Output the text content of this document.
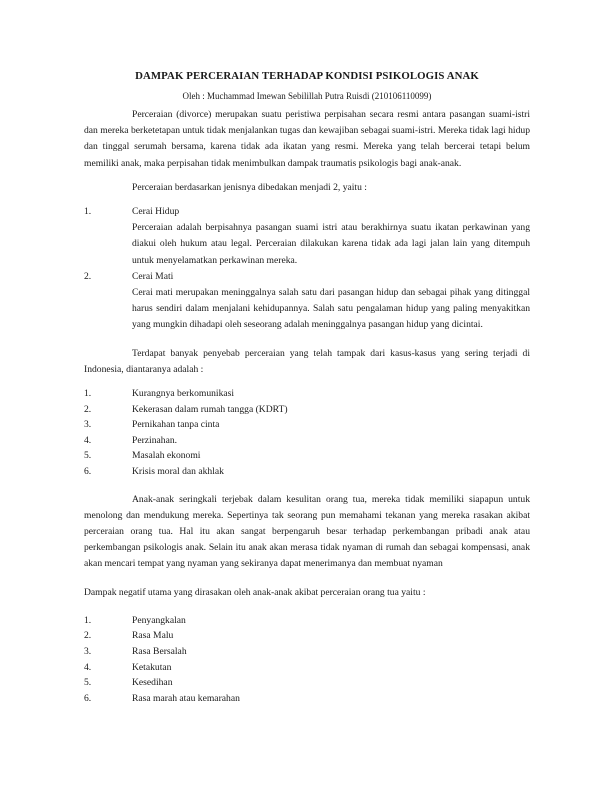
DAMPAK PERCERAIAN TERHADAP KONDISI PSIKOLOGIS ANAK
Oleh : Muchammad Imewan Sebilillah Putra Ruisdi (210106110099)

Perceraian (divorce) merupakan suatu peristiwa perpisahan secara resmi antara pasangan suami-istri dan mereka berketetapan untuk tidak menjalankan tugas dan kewajiban sebagai suami-istri. Mereka tidak lagi hidup dan tinggal serumah bersama, karena tidak ada ikatan yang resmi. Mereka yang telah bercerai tetapi belum memiliki anak, maka perpisahan tidak menimbulkan dampak traumatis psikologis bagi anak-anak.

Perceraian berdasarkan jenisnya dibedakan menjadi 2, yaitu :

1.	Cerai Hidup

Perceraian adalah berpisahnya pasangan suami istri atau berakhirnya suatu ikatan perkawinan yang diakui oleh hukum atau legal. Perceraian dilakukan karena tidak ada lagi jalan lain yang ditempuh untuk menyelamatkan perkawinan mereka.

2.	Cerai Mati

Cerai mati merupakan meninggalnya salah satu dari pasangan hidup dan sebagai pihak yang ditinggal harus sendiri dalam menjalani kehidupannya. Salah satu pengalaman hidup yang paling menyakitkan yang mungkin dihadapi oleh seseorang adalah meninggalnya pasangan hidup yang dicintai.

Terdapat banyak penyebab perceraian yang telah tampak dari kasus-kasus yang sering terjadi di Indonesia, diantaranya adalah :

1.	Kurangnya berkomunikasi
2.	Kekerasan dalam rumah tangga (KDRT)
3.	Pernikahan tanpa cinta
4.	Perzinahan.
5.	Masalah ekonomi
6.	Krisis moral dan akhlak

Anak-anak seringkali terjebak dalam kesulitan orang tua, mereka tidak memiliki siapapun untuk menolong dan mendukung mereka. Sepertinya tak seorang pun memahami tekanan yang mereka rasakan akibat perceraian orang tua. Hal itu akan sangat berpengaruh besar terhadap perkembangan pribadi anak atau perkembangan psikologis anak. Selain itu anak akan merasa tidak nyaman di rumah dan sebagai kompensasi, anak akan mencari tempat yang nyaman yang sekiranya dapat menerimanya dan membuat nyaman

Dampak negatif utama yang dirasakan oleh anak-anak akibat perceraian orang tua yaitu :

1.	Penyangkalan
2.	Rasa Malu
3.	Rasa Bersalah
4.	Ketakutan
5.	Kesedihan
6.	Rasa marah atau kemarahan
